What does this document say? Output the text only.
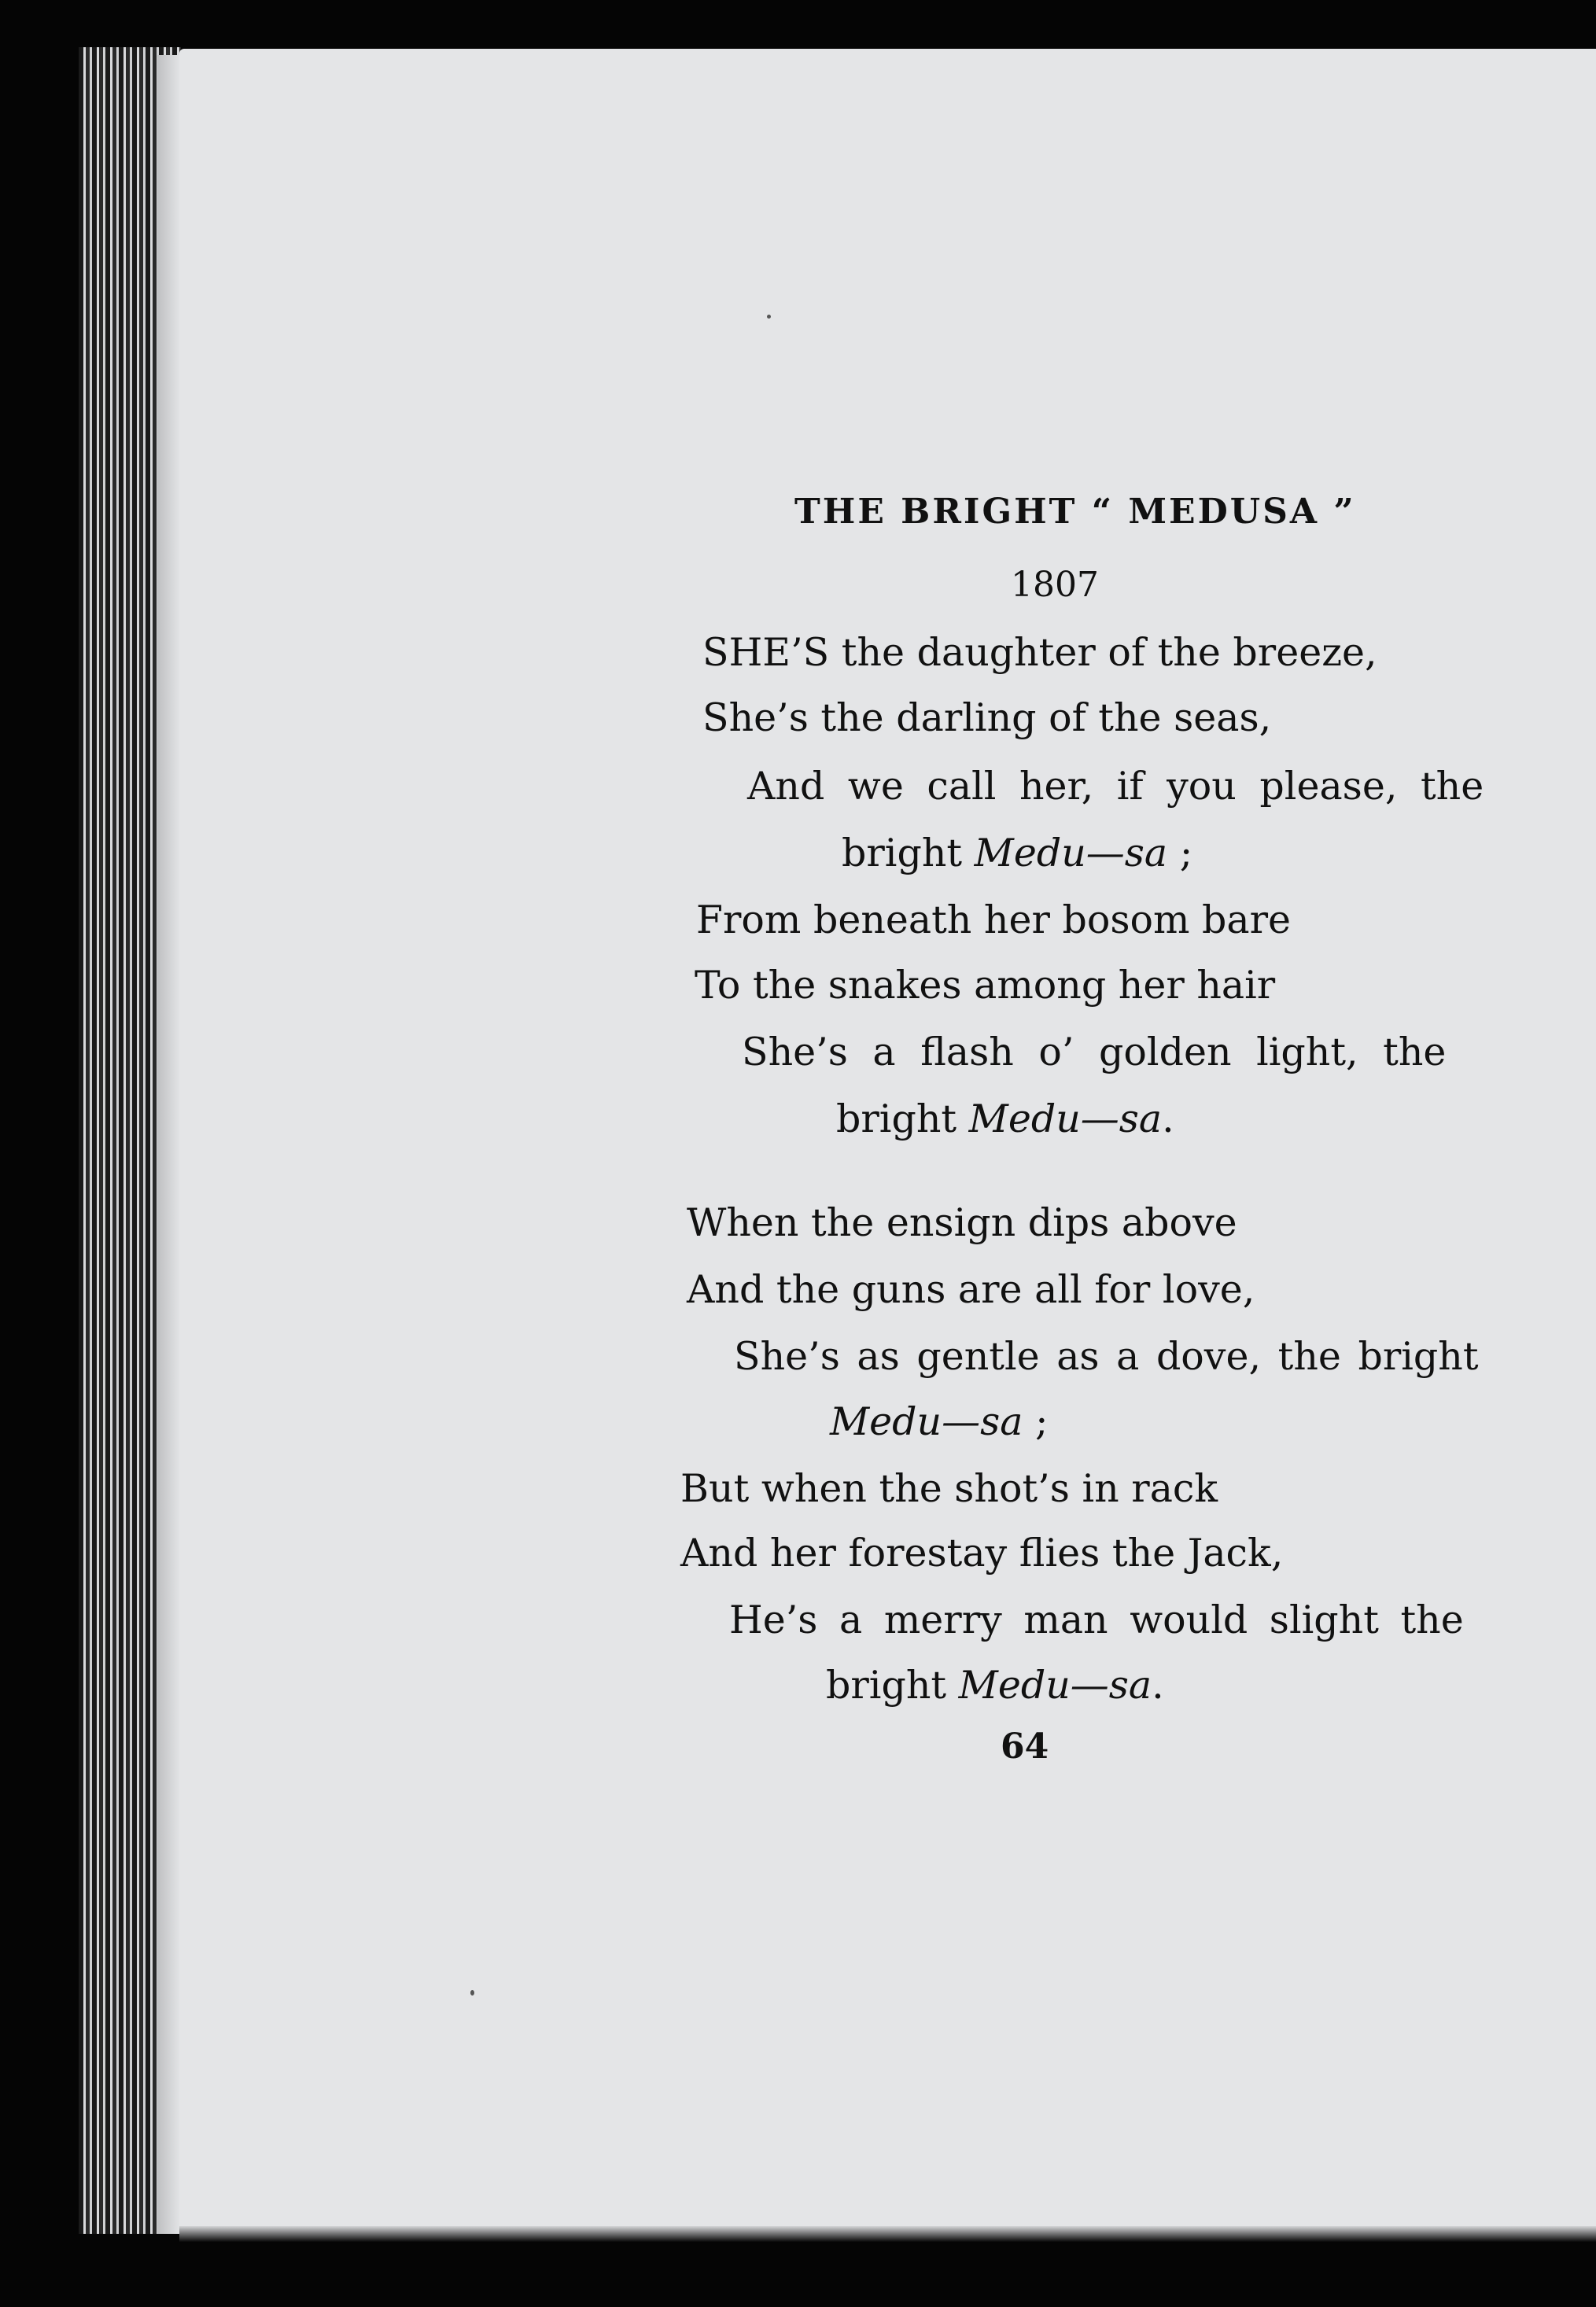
THE BRIGHT “ MEDUSA ”
1807
SHE’S the daughter of the breeze,
She’s the darling of the seas,
And we call her, if you please, the
bright Medu—sa ;
From beneath her bosom bare
To the snakes among her hair
She’s a flash o’ golden light, the
bright Medu—sa.
When the ensign dips above
And the guns are all for love,
She’s as gentle as a dove, the bright
Medu—sa ;
But when the shot’s in rack
And her forestay flies the Jack,
He’s a merry man would slight the
bright Medu—sa.
64
